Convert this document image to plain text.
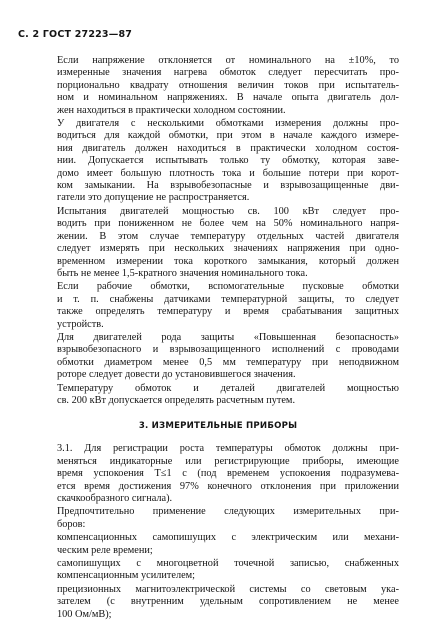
С. 2 ГОСТ 27223—87
Если напряжение отклоняется от номинального на ±10%, то
измеренные значения нагрева обмоток следует пересчитать про-
порционально квадрату отношения величин токов при испытатель-
ном и номинальном напряжениях. В начале опыта двигатель дол-
жен находиться в практически холодном состоянии.
У двигателя с несколькими обмотками измерения должны про-
водиться для каждой обмотки, при этом в начале каждого измере-
ния двигатель должен находиться в практически холодном состоя-
нии. Допускается испытывать только ту обмотку, которая заве-
домо имеет большую плотность тока и большие потери при корот-
ком замыкании. На взрывобезопасные и взрывозащищенные дви-
гатели это допущение не распространяется.
Испытания двигателей мощностью св. 100 кВт следует про-
водить при пониженном не более чем на 50% номинального напря-
жении. В этом случае температуру отдельных частей двигателя
следует измерять при нескольких значениях напряжения при одно-
временном измерении тока короткого замыкания, который должен
быть не менее 1,5-кратного значения номинального тока.
Если рабочие обмотки, вспомогательные пусковые обмотки
и т. п. снабжены датчиками температурной защиты, то следует
также определять температуру и время срабатывания защитных
устройств.
Для двигателей рода защиты «Повышенная безопасность»
взрывобезопасного и взрывозащищенного исполнений с проводами
обмотки диаметром менее 0,5 мм температуру при неподвижном
роторе следует довести до установившегося значения.
Температуру обмоток и деталей двигателей мощностью
св. 200 кВт допускается определять расчетным путем.
3. ИЗМЕРИТЕЛЬНЫЕ ПРИБОРЫ
3.1. Для регистрации роста температуры обмоток должны при-
меняться индикаторные или регистрирующие приборы, имеющие
время успокоения T≤1 с (под временем успокоения подразумева-
ется время достижения 97% конечного отклонения при приложении
скачкообразного сигнала).
Предпочтительно применение следующих измерительных при-
боров:
компенсационных самопишущих с электрическим или механи-
ческим реле времени;
самопишущих с многоцветной точечной записью, снабженных
компенсационным усилителем;
прецизионных магнитоэлектрической системы со световым ука-
зателем (с внутренним удельным сопротивлением не менее
100 Ом/мВ);
